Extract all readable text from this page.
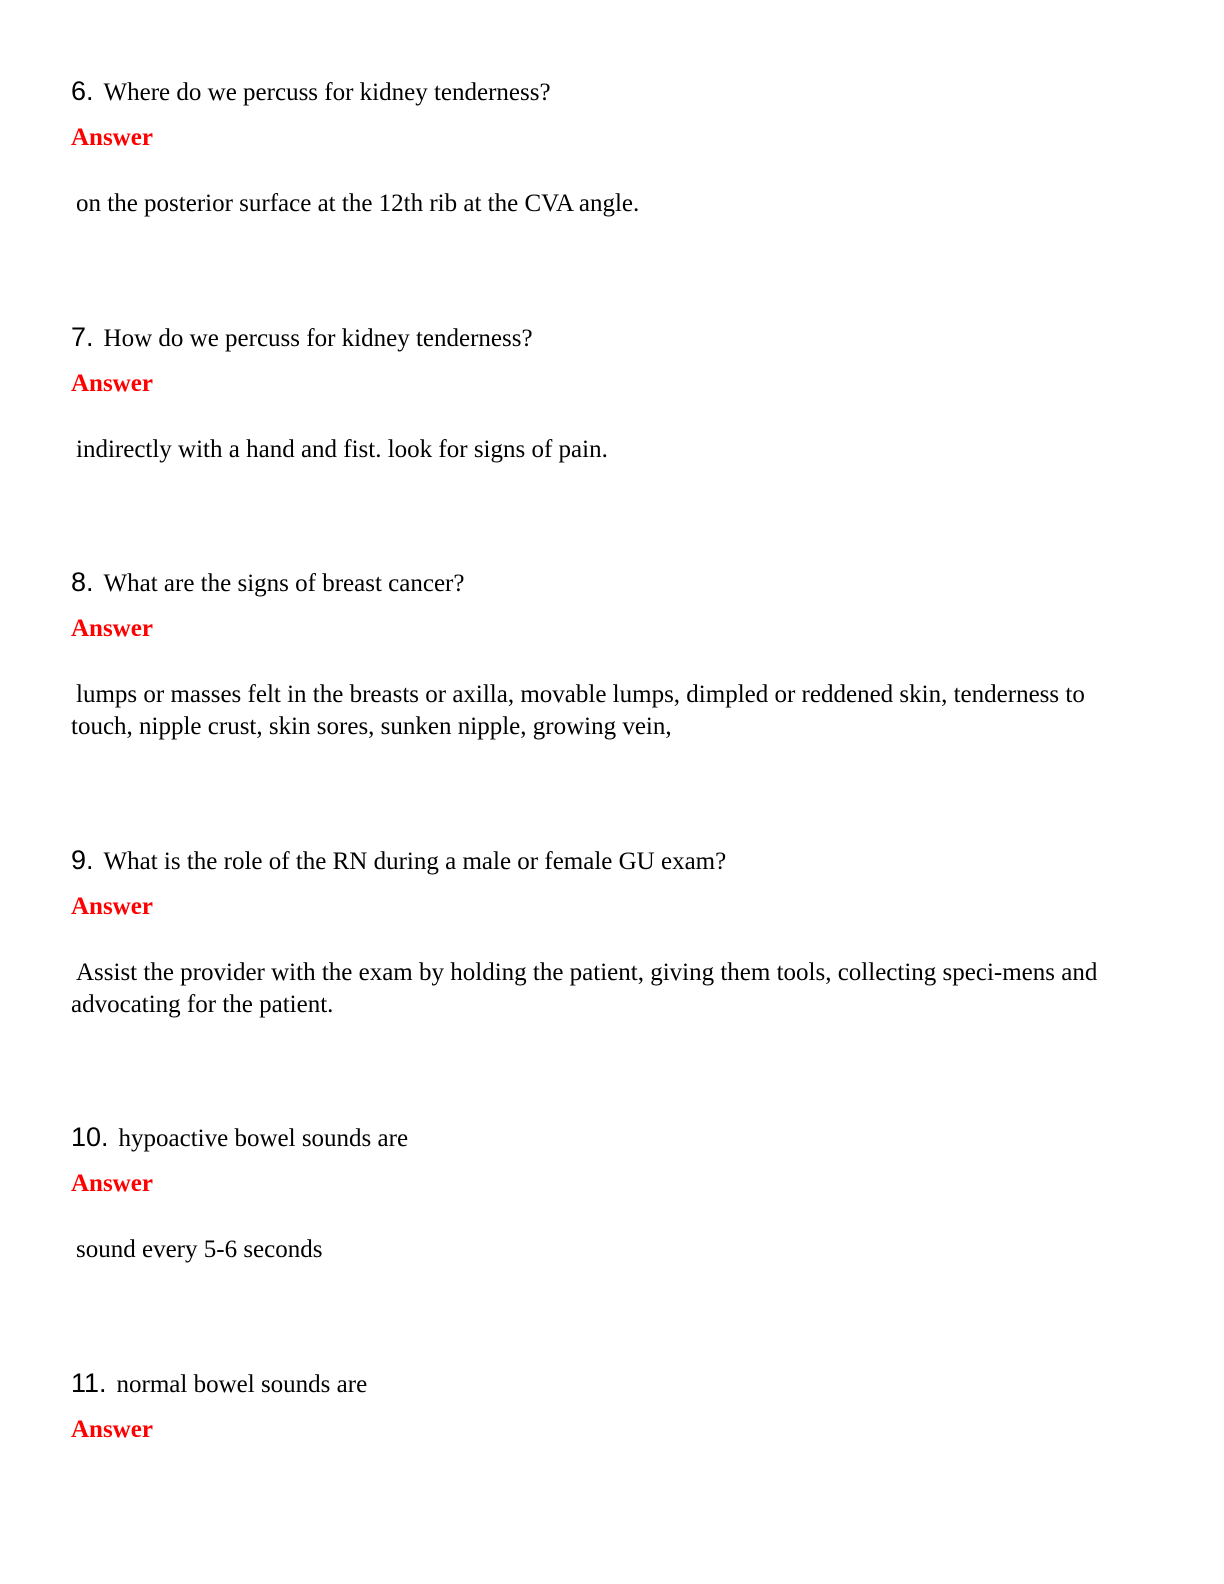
6. Where do we percuss for kidney tenderness?
Answer
on the posterior surface at the 12th rib at the CVA angle.
7. How do we percuss for kidney tenderness?
Answer
indirectly with a hand and fist. look for signs of pain.
8. What are the signs of breast cancer?
Answer
lumps or masses felt in the breasts or axilla, movable lumps, dimpled or reddened skin, tenderness to touch, nipple crust, skin sores, sunken nipple, growing vein,
9. What is the role of the RN during a male or female GU exam?
Answer
Assist the provider with the exam by holding the patient, giving them tools, collecting speci-mens and advocating for the patient.
10. hypoactive bowel sounds are
Answer
sound every 5-6 seconds
11. normal bowel sounds are
Answer
